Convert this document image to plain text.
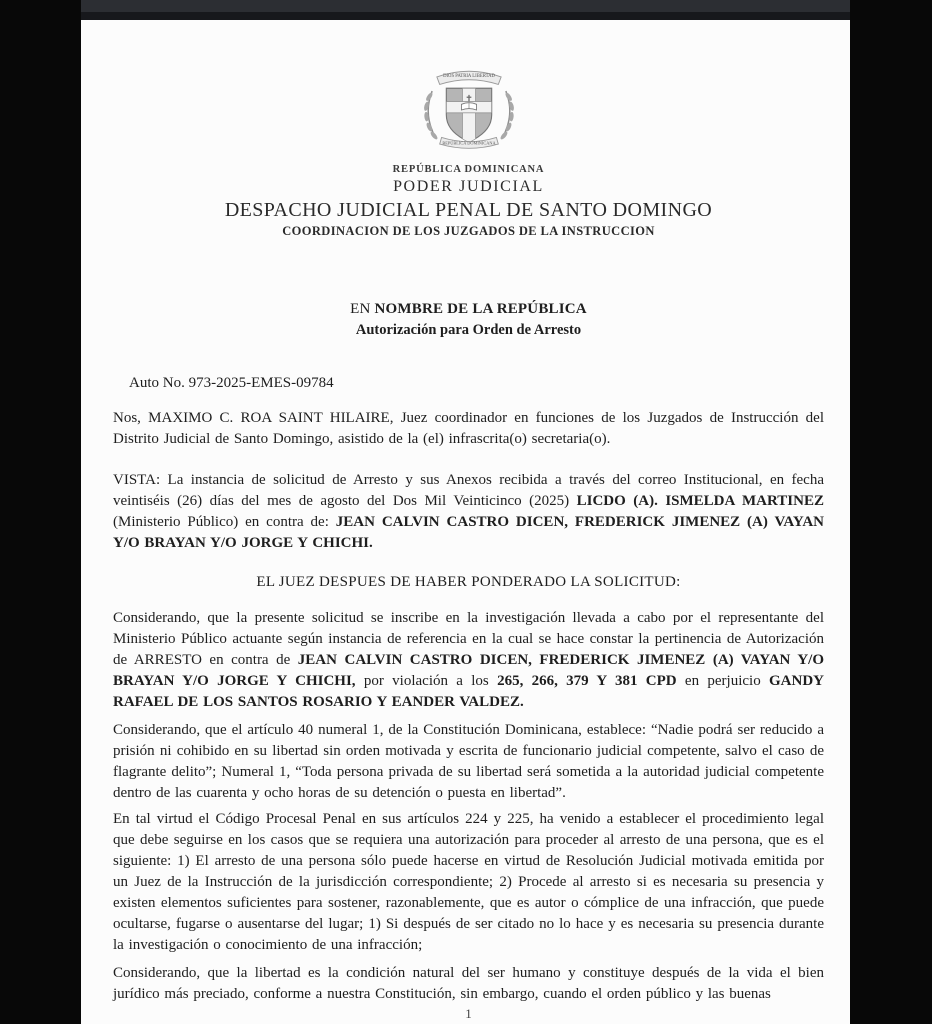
DIOS PATRIA LIBERTAD
REPÚBLICA DOMINICANA
REPÚBLICA DOMINICANA
PODER JUDICIAL
DESPACHO JUDICIAL PENAL DE SANTO DOMINGO
COORDINACION DE LOS JUZGADOS DE LA INSTRUCCION
EN NOMBRE DE LA REPÚBLICA
Autorización para Orden de Arresto
Auto No. 973-2025-EMES-09784
Nos, MAXIMO C. ROA SAINT HILAIRE, Juez coordinador en funciones de los Juzgados de Instrucción del Distrito Judicial de Santo Domingo, asistido de la (el) infrascrita(o) secretaria(o).
VISTA: La instancia de solicitud de Arresto y sus Anexos recibida a través del correo Institucional, en fecha veintiséis (26) días del mes de agosto del Dos Mil Veinticinco (2025) LICDO (A). ISMELDA MARTINEZ (Ministerio Público) en contra de: JEAN CALVIN CASTRO DICEN, FREDERICK JIMENEZ (A) VAYAN Y/O BRAYAN Y/O JORGE Y CHICHI.
EL JUEZ DESPUES DE HABER PONDERADO LA SOLICITUD:
Considerando, que la presente solicitud se inscribe en la investigación llevada a cabo por el representante del Ministerio Público actuante según instancia de referencia en la cual se hace constar la pertinencia de Autorización de ARRESTO en contra de JEAN CALVIN CASTRO DICEN, FREDERICK JIMENEZ (A) VAYAN Y/O BRAYAN Y/O JORGE Y CHICHI, por violación a los 265, 266, 379 Y 381 CPD en perjuicio GANDY RAFAEL DE LOS SANTOS ROSARIO Y EANDER VALDEZ.
Considerando, que el artículo 40 numeral 1, de la Constitución Dominicana, establece: “Nadie podrá ser reducido a prisión ni cohibido en su libertad sin orden motivada y escrita de funcionario judicial competente, salvo el caso de flagrante delito”; Numeral 1, “Toda persona privada de su libertad será sometida a la autoridad judicial competente dentro de las cuarenta y ocho horas de su detención o puesta en libertad”.
En tal virtud el Código Procesal Penal en sus artículos 224 y 225, ha venido a establecer el procedimiento legal que debe seguirse en los casos que se requiera una autorización para proceder al arresto de una persona, que es el siguiente: 1) El arresto de una persona sólo puede hacerse en virtud de Resolución Judicial motivada emitida por un Juez de la Instrucción de la jurisdicción correspondiente; 2) Procede al arresto si es necesaria su presencia y existen elementos suficientes para sostener, razonablemente, que es autor o cómplice de una infracción, que puede ocultarse, fugarse o ausentarse del lugar; 1) Si después de ser citado no lo hace y es necesaria su presencia durante la investigación o conocimiento de una infracción;
Considerando, que la libertad es la condición natural del ser humano y constituye después de la vida el bien jurídico más preciado, conforme a nuestra Constitución, sin embargo, cuando el orden público y las buenas
1
